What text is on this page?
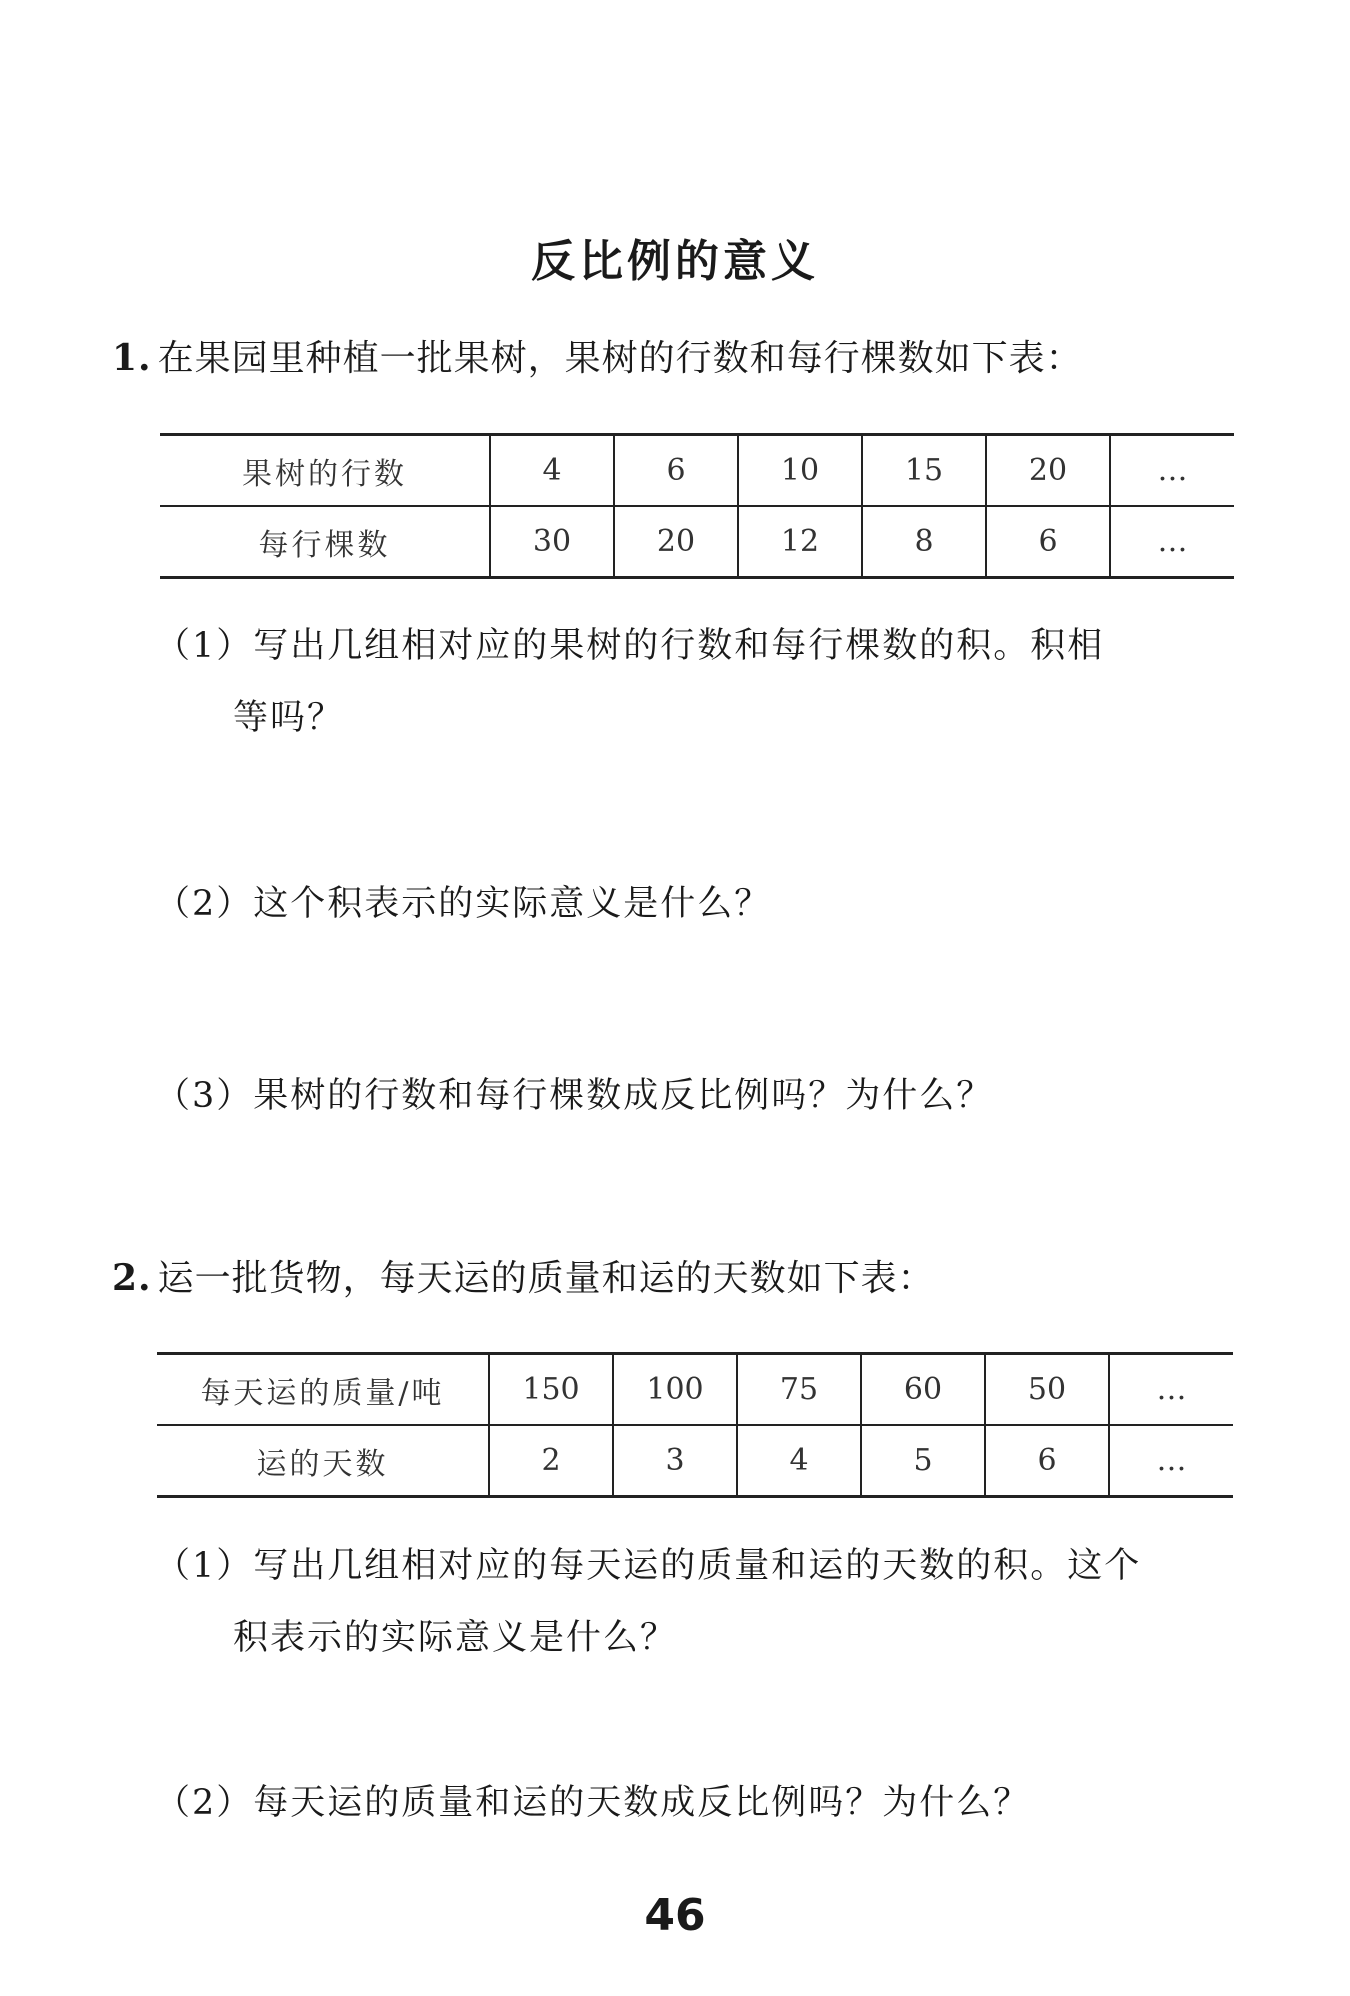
反比例的意义
1. 在果园里种植一批果树，果树的行数和每行棵数如下表：
果树的行数	4	6	10	15	20	…
每行棵数	30	20	12	8	6	…
（1）写出几组相对应的果树的行数和每行棵数的积。积相
等吗？
（2）这个积表示的实际意义是什么？
（3）果树的行数和每行棵数成反比例吗？为什么？
2. 运一批货物，每天运的质量和运的天数如下表：
每天运的质量/吨	150	100	75	60	50	…
运的天数	2	3	4	5	6	…
（1）写出几组相对应的每天运的质量和运的天数的积。这个
积表示的实际意义是什么？
（2）每天运的质量和运的天数成反比例吗？为什么？
46
